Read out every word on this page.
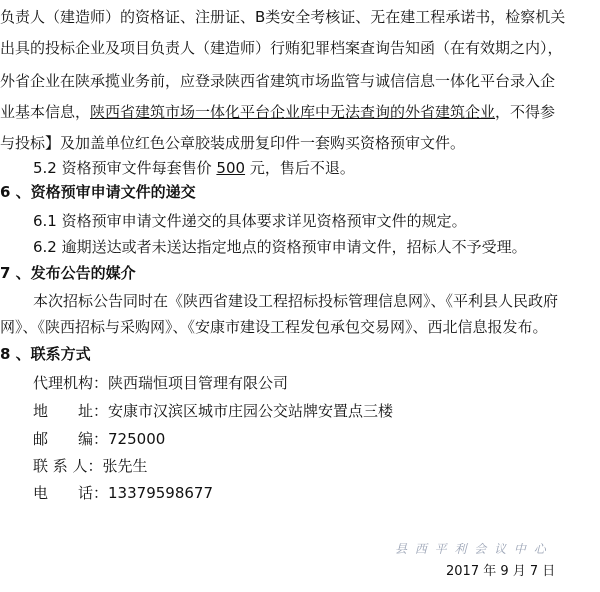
负责人（建造师）的资格证、注册证、B类安全考核证、无在建工程承诺书，检察机关
出具的投标企业及项目负责人（建造师）行贿犯罪档案查询告知函（在有效期之内），
外省企业在陕承揽业务前，应登录陕西省建筑市场监管与诚信信息一体化平台录入企
业基本信息，陕西省建筑市场一体化平台企业库中无法查询的外省建筑企业，不得参
与投标】及加盖单位红色公章胶装成册复印件一套购买资格预审文件。
5.2 资格预审文件每套售价 500 元，售后不退。
6 、资格预审申请文件的递交
6.1 资格预审申请文件递交的具体要求详见资格预审文件的规定。
6.2 逾期送达或者未送达指定地点的资格预审申请文件，招标人不予受理。
7 、发布公告的媒介
本次招标公告同时在《陕西省建设工程招标投标管理信息网》、《平利县人民政府
网》、《陕西招标与采购网》、《安康市建设工程发包承包交易网》、西北信息报发布。
8 、联系方式
代理机构：陕西瑞恒项目管理有限公司
地　　址：安康市汉滨区城市庄园公交站牌安置点三楼
邮　　编：725000
联 系 人：张先生
电　　话：13379598677
县 西 平 利 会 议 中 心
2017 年 9 月 7 日
